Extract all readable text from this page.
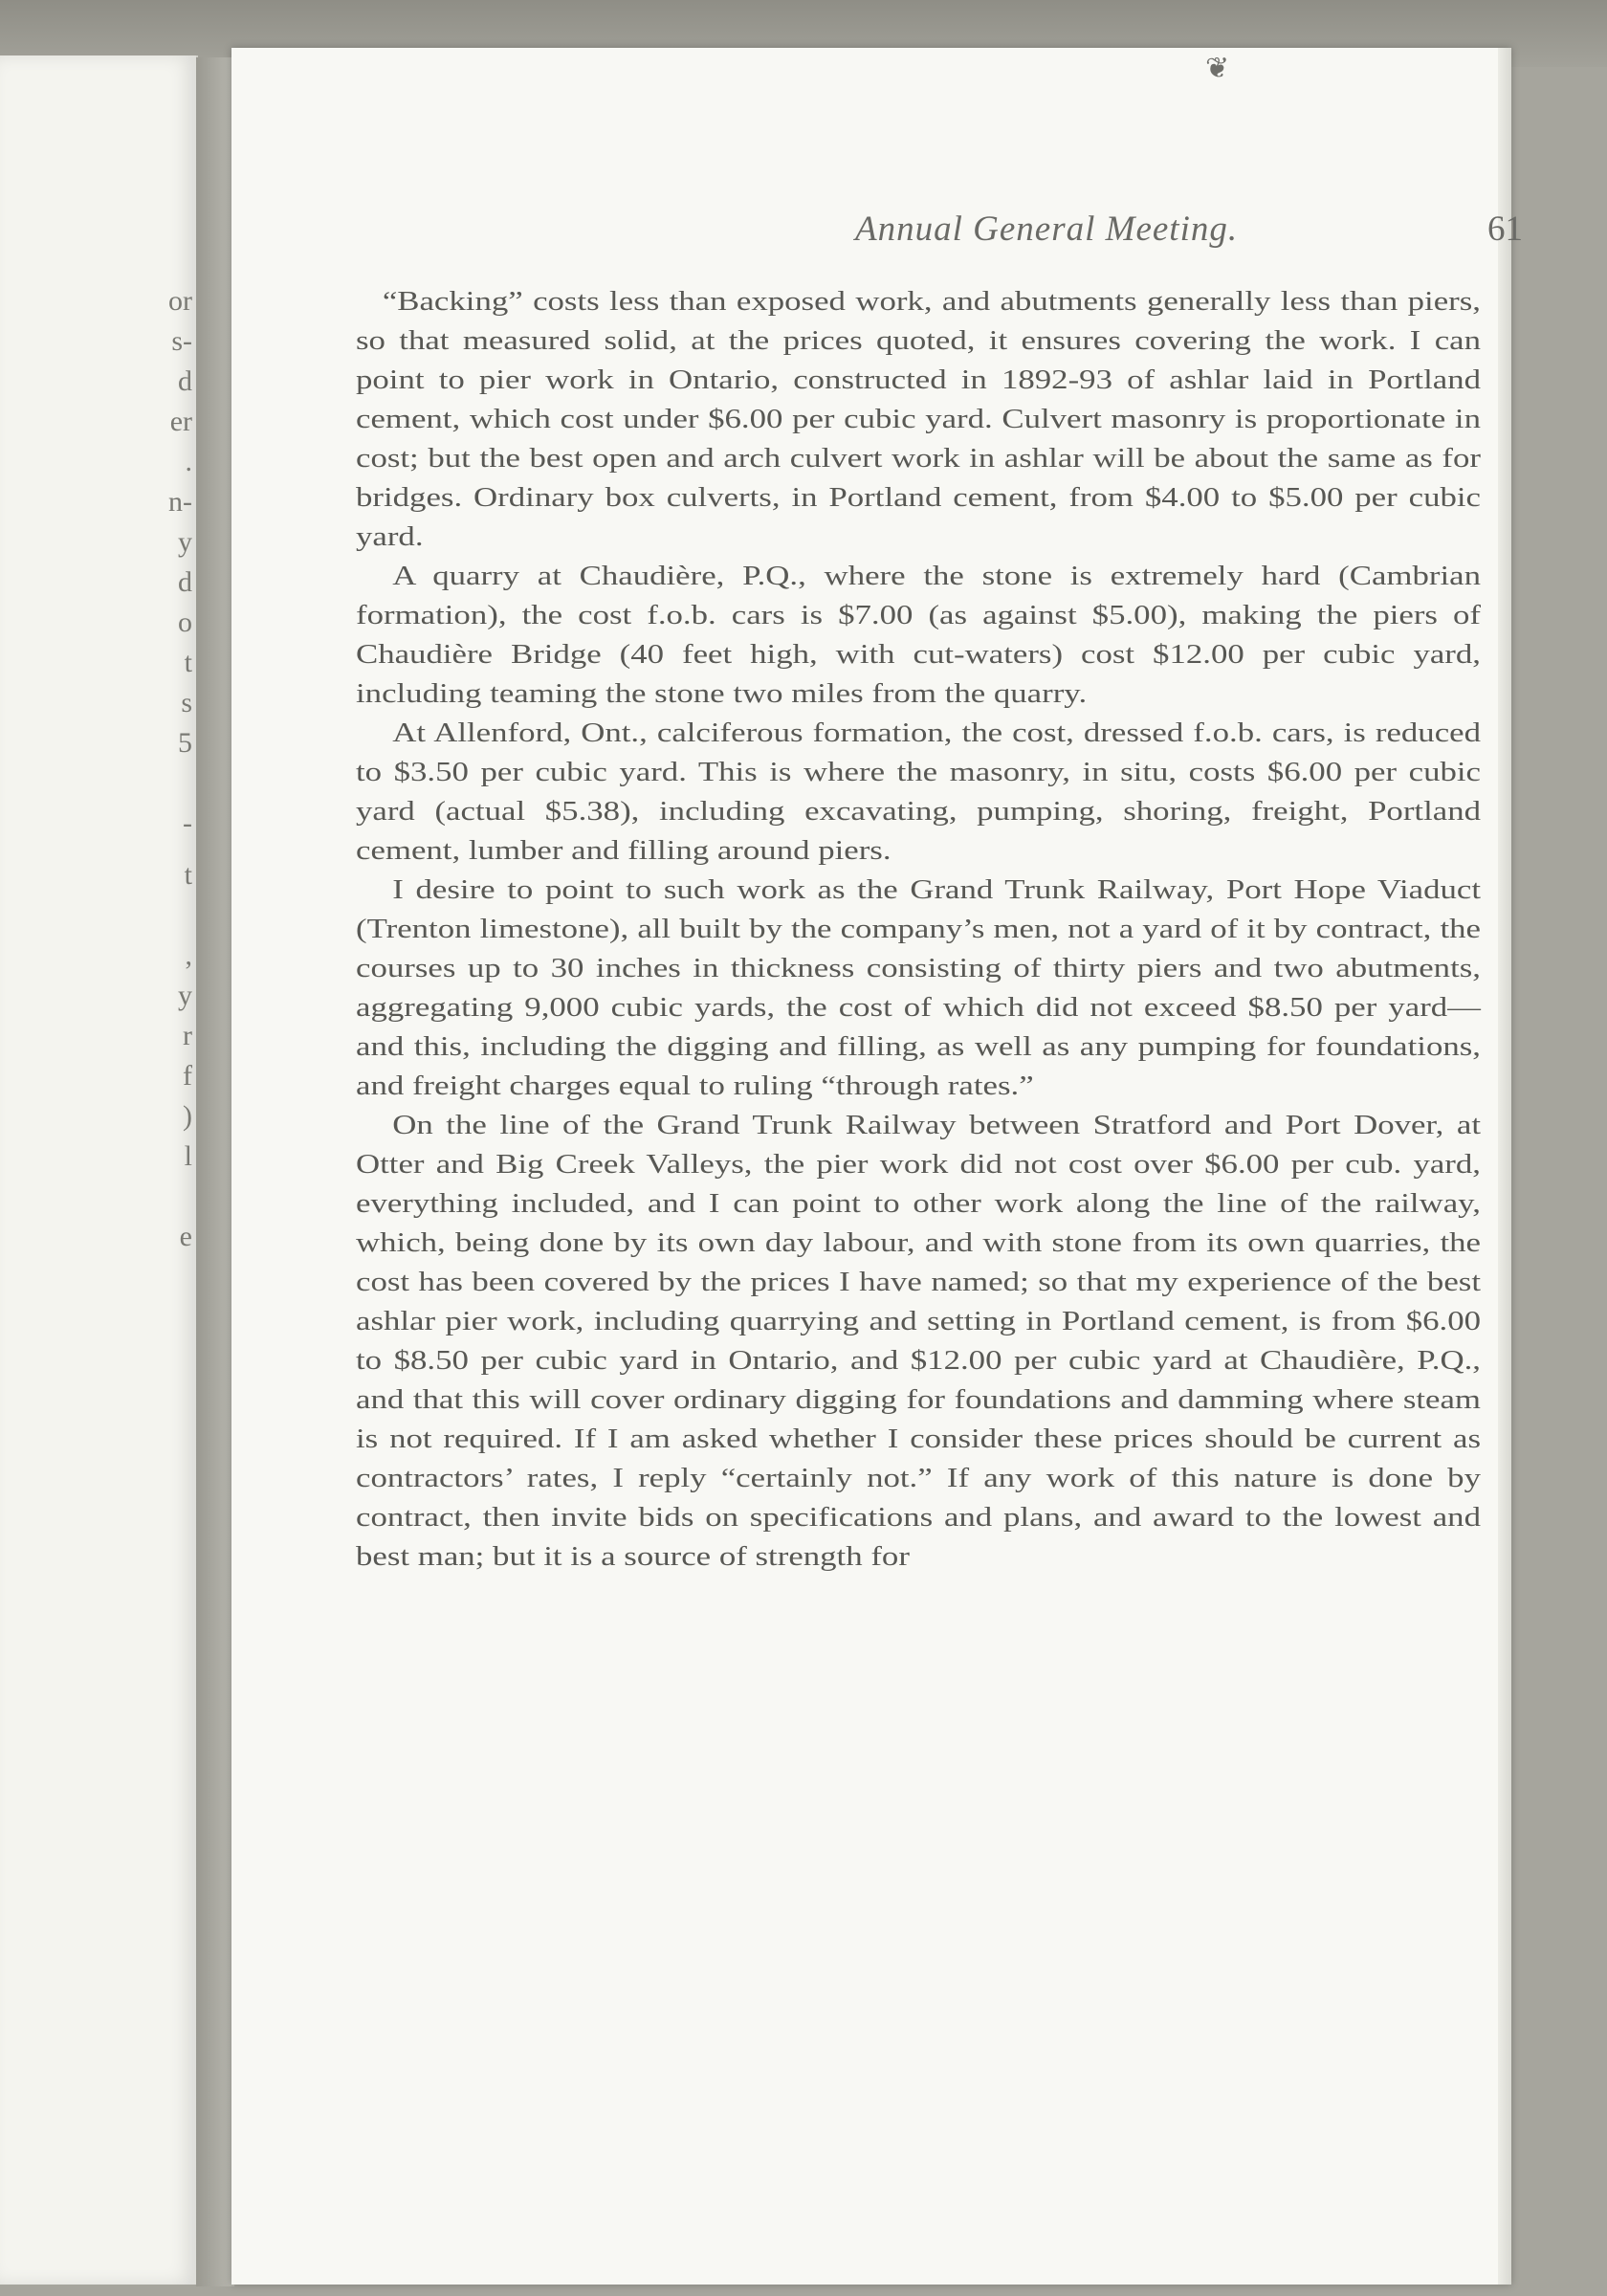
or
s-
d
er
.
n-
y
d
o
t
s
5
-
t
,
y
r
f
)
l
e
❦
Annual General Meeting.	61

“Backing” costs less than exposed work, and abutments generally less than piers, so that measured solid, at the prices quoted, it ensures covering the work. I can point to pier work in Ontario, constructed in 1892-93 of ashlar laid in Portland cement, which cost under $6.00 per cubic yard. Culvert masonry is proportionate in cost; but the best open and arch culvert work in ashlar will be about the same as for bridges. Ordinary box culverts, in Portland cement, from $4.00 to $5.00 per cubic yard.

A quarry at Chaudière, P.Q., where the stone is extremely hard (Cambrian formation), the cost f.o.b. cars is $7.00 (as against $5.00), making the piers of Chaudière Bridge (40 feet high, with cut-waters) cost $12.00 per cubic yard, including teaming the stone two miles from the quarry.

At Allenford, Ont., calciferous formation, the cost, dressed f.o.b. cars, is reduced to $3.50 per cubic yard. This is where the masonry, in situ, costs $6.00 per cubic yard (actual $5.38), including excavating, pumping, shoring, freight, Portland cement, lumber and filling around piers.

I desire to point to such work as the Grand Trunk Railway, Port Hope Viaduct (Trenton limestone), all built by the company’s men, not a yard of it by contract, the courses up to 30 inches in thickness consisting of thirty piers and two abutments, aggregating 9,000 cubic yards, the cost of which did not exceed $8.50 per yard—and this, including the digging and filling, as well as any pumping for foundations, and freight charges equal to ruling “through rates.”

On the line of the Grand Trunk Railway between Stratford and Port Dover, at Otter and Big Creek Valleys, the pier work did not cost over $6.00 per cub. yard, everything included, and I can point to other work along the line of the railway, which, being done by its own day labour, and with stone from its own quarries, the cost has been covered by the prices I have named; so that my experience of the best ashlar pier work, including quarrying and setting in Portland cement, is from $6.00 to $8.50 per cubic yard in Ontario, and $12.00 per cubic yard at Chaudière, P.Q., and that this will cover ordinary digging for foundations and damming where steam is not required. If I am asked whether I consider these prices should be current as contractors’ rates, I reply “certainly not.” If any work of this nature is done by contract, then invite bids on specifications and plans, and award to the lowest and best man; but it is a source of strength for
